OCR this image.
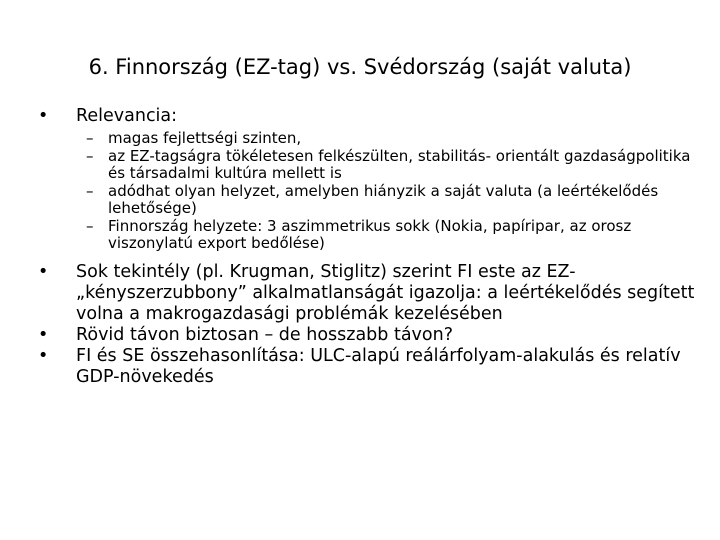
6. Finnország (EZ-tag) vs. Svédország (saját valuta)
• Relevancia:
– magas fejlettségi szinten,
– az EZ-tagságra tökéletesen felkészülten, stabilitás- orientált gazdaságpolitika és társadalmi kultúra mellett is
– adódhat olyan helyzet, amelyben hiányzik a saját valuta (a leértékelődés lehetősége)
– Finnország helyzete: 3 aszimmetrikus sokk (Nokia, papíripar, az orosz viszonylatú export bedőlése)
• Sok tekintély (pl. Krugman, Stiglitz) szerint FI este az EZ-„kényszerzubbony” alkalmatlanságát igazolja: a leértékelődés segített volna a makrogazdasági problémák kezelésében
• Rövid távon biztosan – de hosszabb távon?
• FI és SE összehasonlítása: ULC-alapú reálárfolyam-alakulás és relatív GDP-növekedés
